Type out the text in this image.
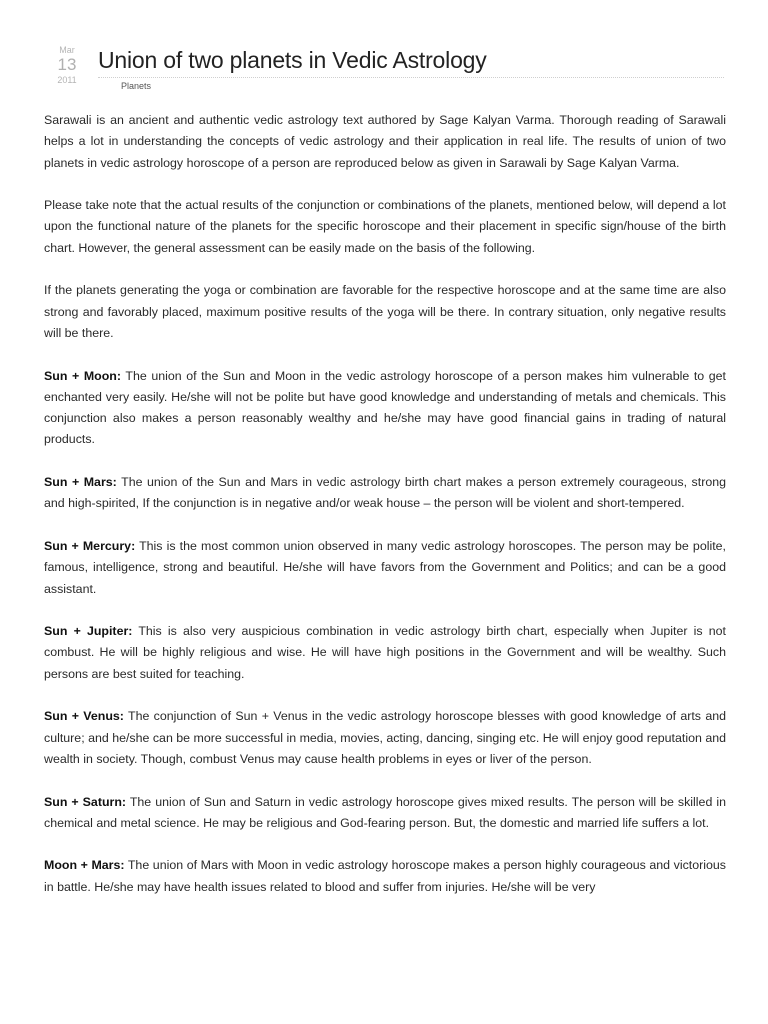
Mar
13
2011
Union of two planets in Vedic Astrology
Planets

Sarawali is an ancient and authentic vedic astrology text authored by Sage Kalyan Varma. Thorough reading of Sarawali helps a lot in understanding the concepts of vedic astrology and their application in real life. The results of union of two planets in vedic astrology horoscope of a person are reproduced below as given in Sarawali by Sage Kalyan Varma.

Please take note that the actual results of the conjunction or combinations of the planets, mentioned below, will depend a lot upon the functional nature of the planets for the specific horoscope and their placement in specific sign/house of the birth chart. However, the general assessment can be easily made on the basis of the following.

If the planets generating the yoga or combination are favorable for the respective horoscope and at the same time are also strong and favorably placed, maximum positive results of the yoga will be there. In contrary situation, only negative results will be there.

Sun + Moon: The union of the Sun and Moon in the vedic astrology horoscope of a person makes him vulnerable to get enchanted very easily. He/she will not be polite but have good knowledge and understanding of metals and chemicals. This conjunction also makes a person reasonably wealthy and he/she may have good financial gains in trading of natural products.

Sun + Mars: The union of the Sun and Mars in vedic astrology birth chart makes a person extremely courageous, strong and high-spirited, If the conjunction is in negative and/or weak house – the person will be violent and short-tempered.

Sun + Mercury: This is the most common union observed in many vedic astrology horoscopes. The person may be polite, famous, intelligence, strong and beautiful. He/she will have favors from the Government and Politics; and can be a good assistant.

Sun + Jupiter: This is also very auspicious combination in vedic astrology birth chart, especially when Jupiter is not combust. He will be highly religious and wise. He will have high positions in the Government and will be wealthy. Such persons are best suited for teaching.

Sun + Venus: The conjunction of Sun + Venus in the vedic astrology horoscope blesses with good knowledge of arts and culture; and he/she can be more successful in media, movies, acting, dancing, singing etc. He will enjoy good reputation and wealth in society. Though, combust Venus may cause health problems in eyes or liver of the person.

Sun + Saturn: The union of Sun and Saturn in vedic astrology horoscope gives mixed results. The person will be skilled in chemical and metal science. He may be religious and God-fearing person. But, the domestic and married life suffers a lot.

Moon + Mars: The union of Mars with Moon in vedic astrology horoscope makes a person highly courageous and victorious in battle. He/she may have health issues related to blood and suffer from injuries. He/she will be very
